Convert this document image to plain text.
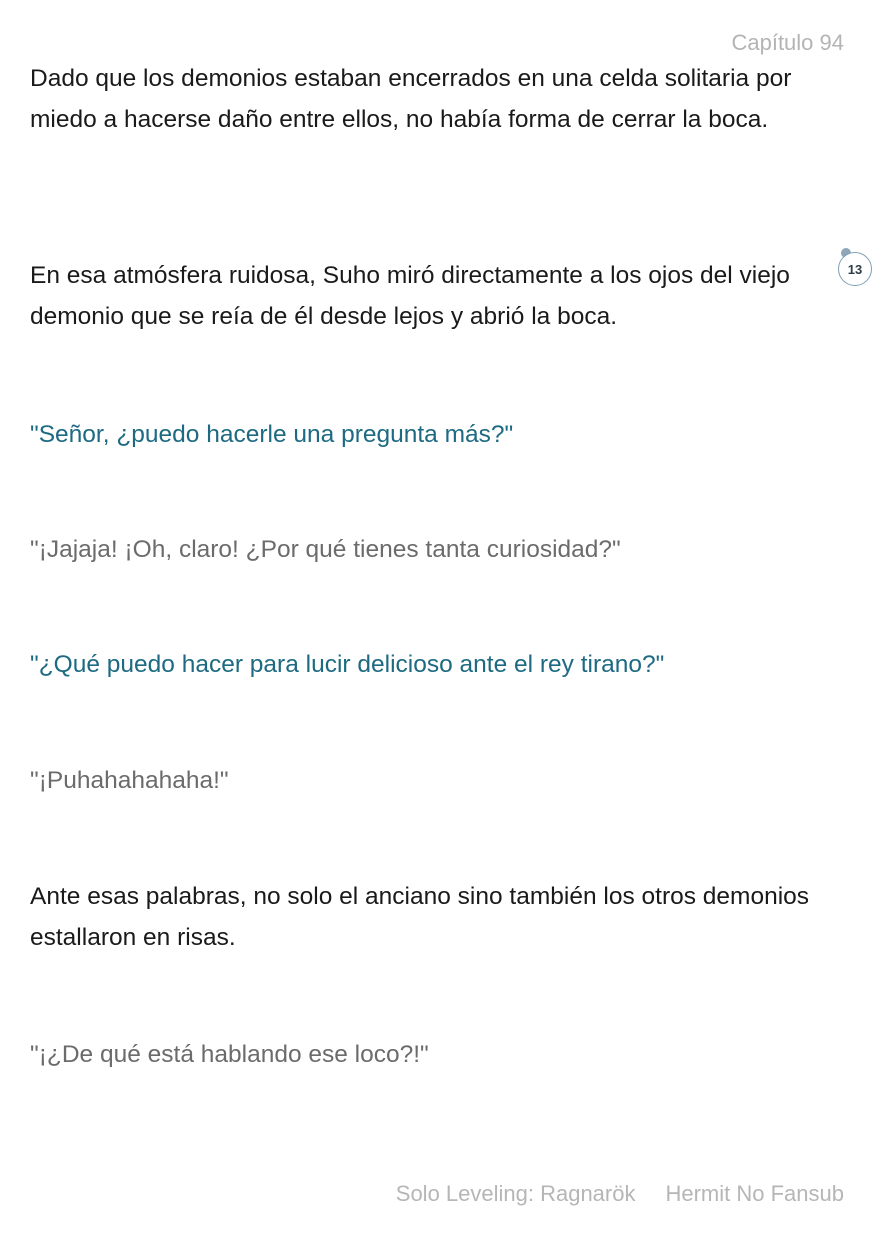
Capítulo 94

Dado que los demonios estaban encerrados en una celda solitaria por miedo a hacerse daño entre ellos, no había forma de cerrar la boca.

En esa atmósfera ruidosa, Suho miró directamente a los ojos del viejo demonio que se reía de él desde lejos y abrió la boca.

13

"Señor, ¿puedo hacerle una pregunta más?"

"¡Jajaja! ¡Oh, claro! ¿Por qué tienes tanta curiosidad?"

"¿Qué puedo hacer para lucir delicioso ante el rey tirano?"

"¡Puhahahahaha!"

Ante esas palabras, no solo el anciano sino también los otros demonios estallaron en risas.

"¡¿De qué está hablando ese loco?!"

Solo Leveling: Ragnarök Hermit No Fansub
